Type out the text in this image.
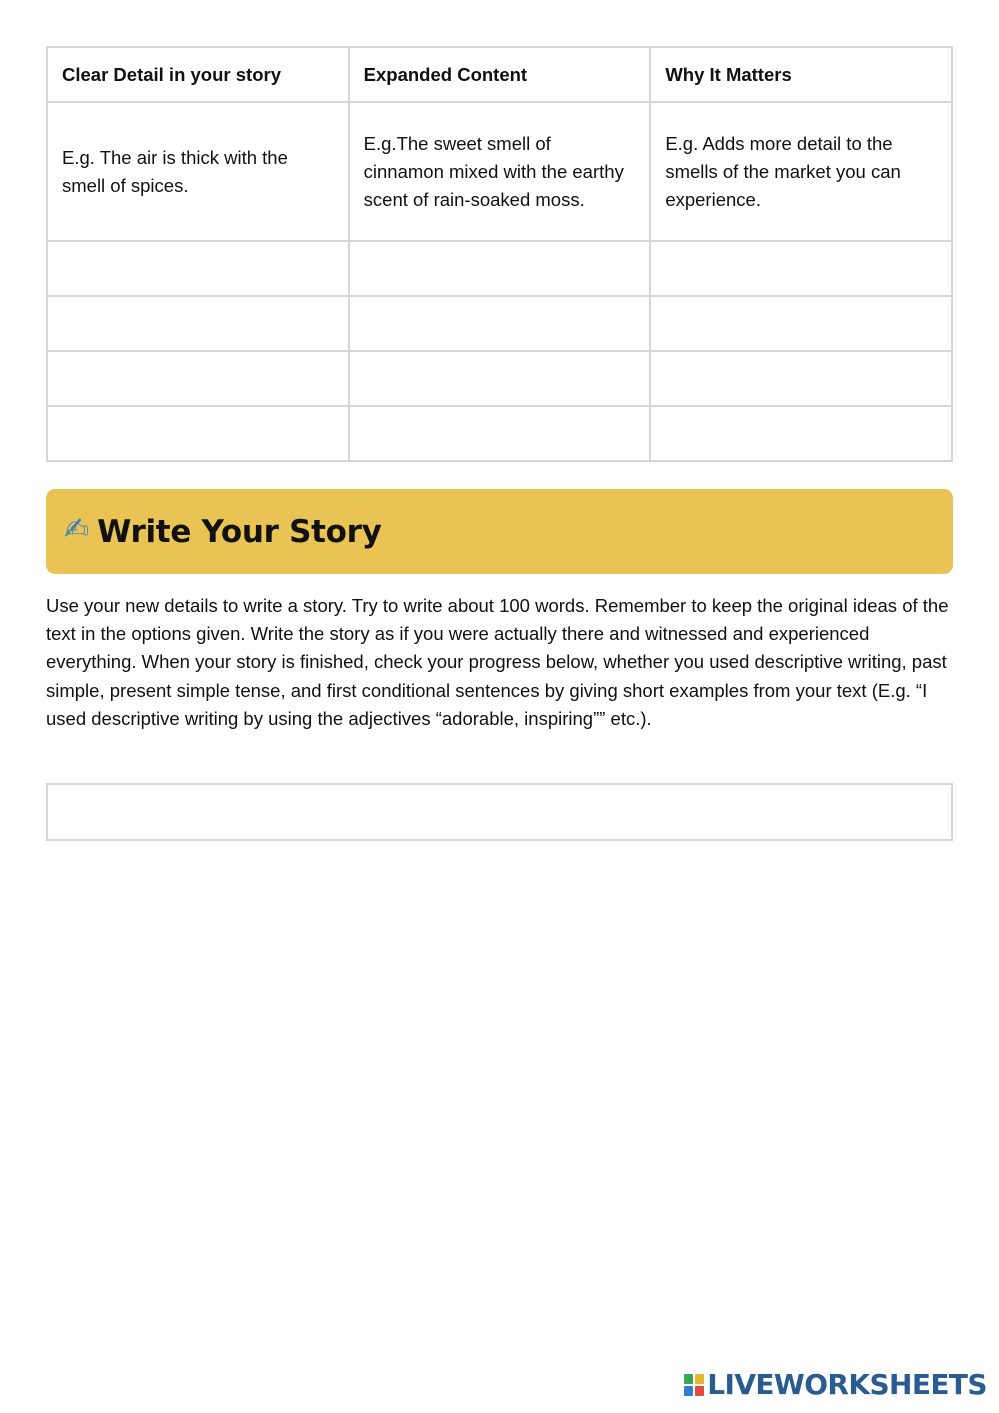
Clear Detail in your story	Expanded Content	Why It Matters
E.g. The air is thick with the smell of spices.	E.g.The sweet smell of cinnamon mixed with the earthy scent of rain-soaked moss.	E.g. Adds more detail to the smells of the market you can experience.

✍ Write Your Story

Use your new details to write a story. Try to write about 100 words. Remember to keep the original ideas of the text in the options given. Write the story as if you were actually there and witnessed and experienced everything. When your story is finished, check your progress below, whether you used descriptive writing, past simple, present simple tense, and first conditional sentences by giving short examples from your text (E.g. “I used descriptive writing by using the adjectives “adorable, inspiring”” etc.).

LIVEWORKSHEETS
